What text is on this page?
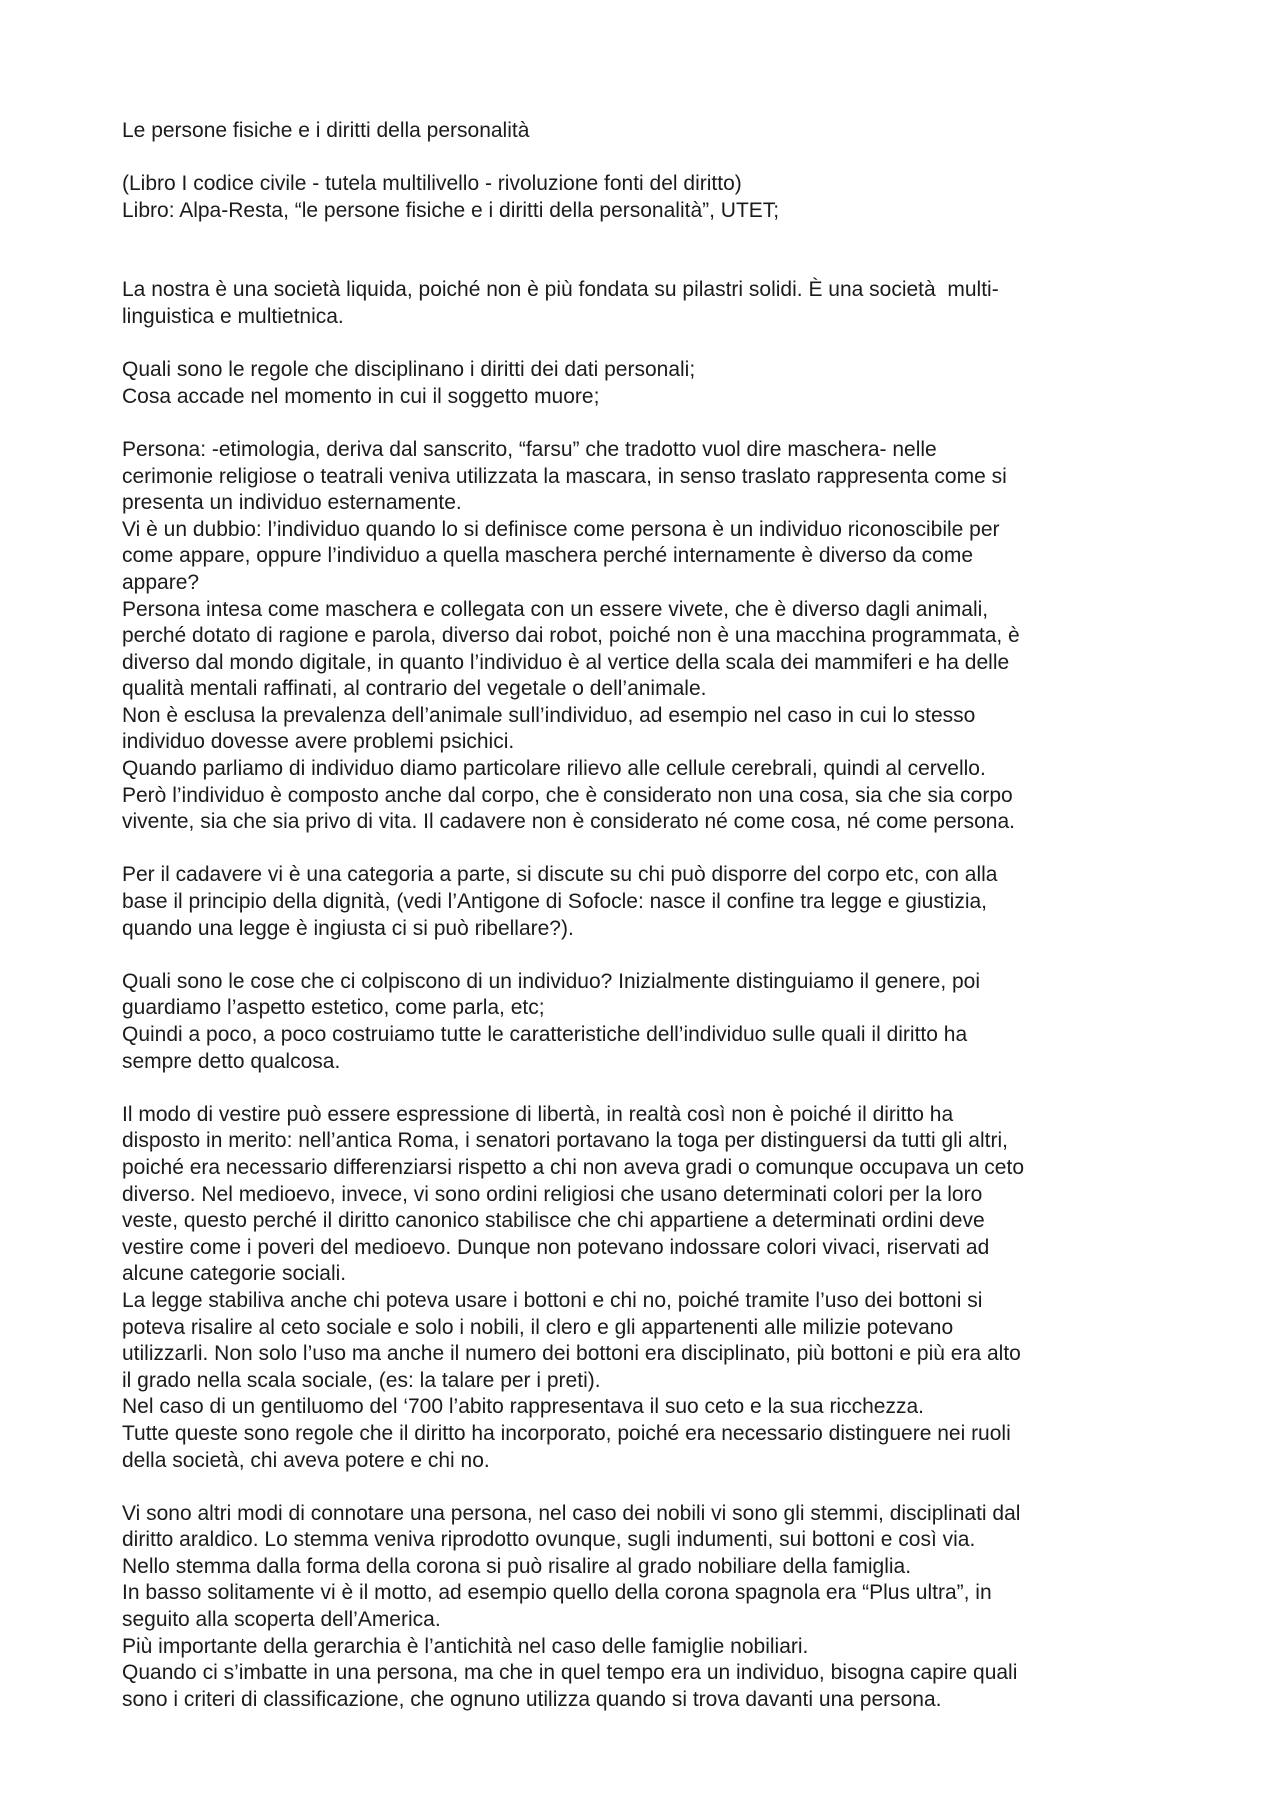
Le persone fisiche e i diritti della personalità
(Libro I codice civile - tutela multilivello - rivoluzione fonti del diritto)
Libro: Alpa-Resta, “le persone fisiche e i diritti della personalità”, UTET;
La nostra è una società liquida, poiché non è più fondata su pilastri solidi. È una società  multi-
linguistica e multietnica.
Quali sono le regole che disciplinano i diritti dei dati personali;
Cosa accade nel momento in cui il soggetto muore;
Persona: -etimologia, deriva dal sanscrito, “farsu” che tradotto vuol dire maschera- nelle
cerimonie religiose o teatrali veniva utilizzata la mascara, in senso traslato rappresenta come si
presenta un individuo esternamente.
Vi è un dubbio: l’individuo quando lo si definisce come persona è un individuo riconoscibile per
come appare, oppure l’individuo a quella maschera perché internamente è diverso da come
appare?
Persona intesa come maschera e collegata con un essere vivete, che è diverso dagli animali,
perché dotato di ragione e parola, diverso dai robot, poiché non è una macchina programmata, è
diverso dal mondo digitale, in quanto l’individuo è al vertice della scala dei mammiferi e ha delle
qualità mentali raffinati, al contrario del vegetale o dell’animale.
Non è esclusa la prevalenza dell’animale sull’individuo, ad esempio nel caso in cui lo stesso
individuo dovesse avere problemi psichici.
Quando parliamo di individuo diamo particolare rilievo alle cellule cerebrali, quindi al cervello.
Però l’individuo è composto anche dal corpo, che è considerato non una cosa, sia che sia corpo
vivente, sia che sia privo di vita. Il cadavere non è considerato né come cosa, né come persona.
Per il cadavere vi è una categoria a parte, si discute su chi può disporre del corpo etc, con alla
base il principio della dignità, (vedi l’Antigone di Sofocle: nasce il confine tra legge e giustizia,
quando una legge è ingiusta ci si può ribellare?).
Quali sono le cose che ci colpiscono di un individuo? Inizialmente distinguiamo il genere, poi
guardiamo l’aspetto estetico, come parla, etc;
Quindi a poco, a poco costruiamo tutte le caratteristiche dell’individuo sulle quali il diritto ha
sempre detto qualcosa.
Il modo di vestire può essere espressione di libertà, in realtà così non è poiché il diritto ha
disposto in merito: nell’antica Roma, i senatori portavano la toga per distinguersi da tutti gli altri,
poiché era necessario differenziarsi rispetto a chi non aveva gradi o comunque occupava un ceto
diverso. Nel medioevo, invece, vi sono ordini religiosi che usano determinati colori per la loro
veste, questo perché il diritto canonico stabilisce che chi appartiene a determinati ordini deve
vestire come i poveri del medioevo. Dunque non potevano indossare colori vivaci, riservati ad
alcune categorie sociali.
La legge stabiliva anche chi poteva usare i bottoni e chi no, poiché tramite l’uso dei bottoni si
poteva risalire al ceto sociale e solo i nobili, il clero e gli appartenenti alle milizie potevano
utilizzarli. Non solo l’uso ma anche il numero dei bottoni era disciplinato, più bottoni e più era alto
il grado nella scala sociale, (es: la talare per i preti).
Nel caso di un gentiluomo del ‘700 l’abito rappresentava il suo ceto e la sua ricchezza.
Tutte queste sono regole che il diritto ha incorporato, poiché era necessario distinguere nei ruoli
della società, chi aveva potere e chi no.
Vi sono altri modi di connotare una persona, nel caso dei nobili vi sono gli stemmi, disciplinati dal
diritto araldico. Lo stemma veniva riprodotto ovunque, sugli indumenti, sui bottoni e così via.
Nello stemma dalla forma della corona si può risalire al grado nobiliare della famiglia.
In basso solitamente vi è il motto, ad esempio quello della corona spagnola era “Plus ultra”, in
seguito alla scoperta dell’America.
Più importante della gerarchia è l’antichità nel caso delle famiglie nobiliari.
Quando ci s’imbatte in una persona, ma che in quel tempo era un individuo, bisogna capire quali
sono i criteri di classificazione, che ognuno utilizza quando si trova davanti una persona.
